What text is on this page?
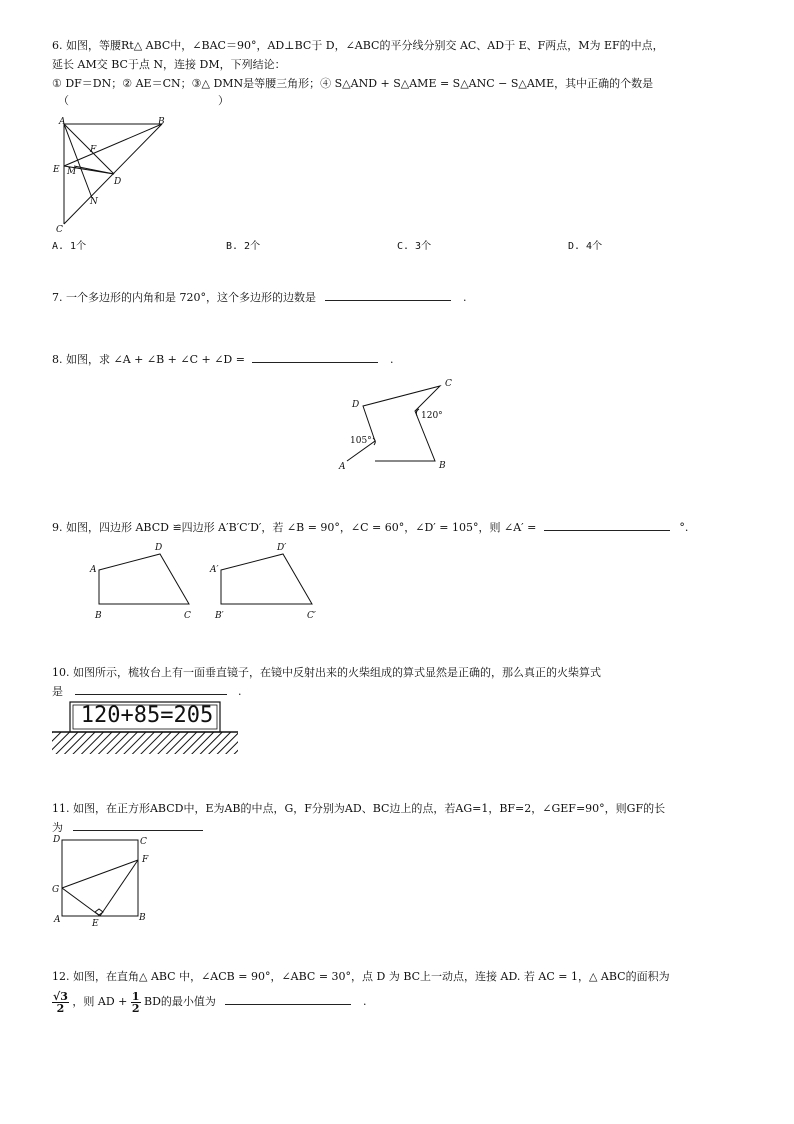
6. 如图，等腰Rt△ ABC中，∠BAC＝90°，AD⊥BC于 D，∠ABC的平分线分别交 AC、AD于 E、F两点，M为 EF的中点，
延长 AM交 BC于点 N，连接 DM，下列结论：
① DF＝DN；② AE＝CN；③△ DMN是等腰三角形；④ S△AND + S△AME = S△ANC − S△AME，其中正确的个数是
（	）
A	B
E M
F
D
N
C
A. 1个	B. 2个	C. 3个	D. 4个
7. 一个多边形的内角和是 720°，这个多边形的边数是	.
8. 如图，求 ∠A + ∠B + ∠C + ∠D =	.
A	B
C
D
120°
105°
9. 如图，四边形 ABCD ≌四边形 A′B′C′D′，若 ∠B = 90°，∠C = 60°，∠D′ = 105°，则 ∠A′ =	°.
A
D
B	C
A′
D′
B′	C′
10. 如图所示，梳妆台上有一面垂直镜子，在镜中反射出来的火柴组成的算式显然是正确的，那么真正的火柴算式
是	.
120+85=205
11. 如图，在正方形ABCD中，E为AB的中点，G，F分别为AD、BC边上的点，若AG=1，BF=2，∠GEF=90°，则GF的长
为
D	C
F
G
A	B
E
12. 如图，在直角△ ABC 中，∠ACB = 90°，∠ABC = 30°，点 D 为 BC上一动点，连接 AD. 若 AC = 1，△ ABC的面积为
$\frac{√3}{2}$ ，则 AD + $\frac{1}{2}$ BD的最小值为	.
